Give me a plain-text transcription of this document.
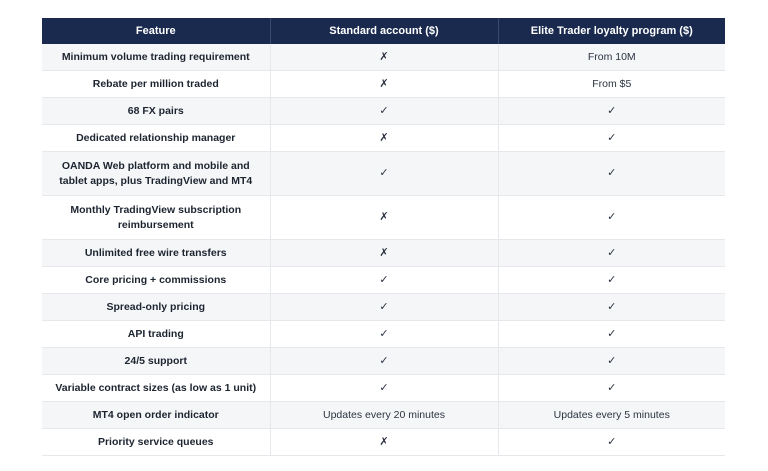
Feature	Standard account ($)	Elite Trader loyalty program ($)
Minimum volume trading requirement	✗	From 10M
Rebate per million traded	✗	From $5
68 FX pairs	✓	✓
Dedicated relationship manager	✗	✓
OANDA Web platform and mobile and tablet apps, plus TradingView and MT4	✓	✓
Monthly TradingView subscription reimbursement	✗	✓
Unlimited free wire transfers	✗	✓
Core pricing + commissions	✓	✓
Spread-only pricing	✓	✓
API trading	✓	✓
24/5 support	✓	✓
Variable contract sizes (as low as 1 unit)	✓	✓
MT4 open order indicator	Updates every 20 minutes	Updates every 5 minutes
Priority service queues	✗	✓
